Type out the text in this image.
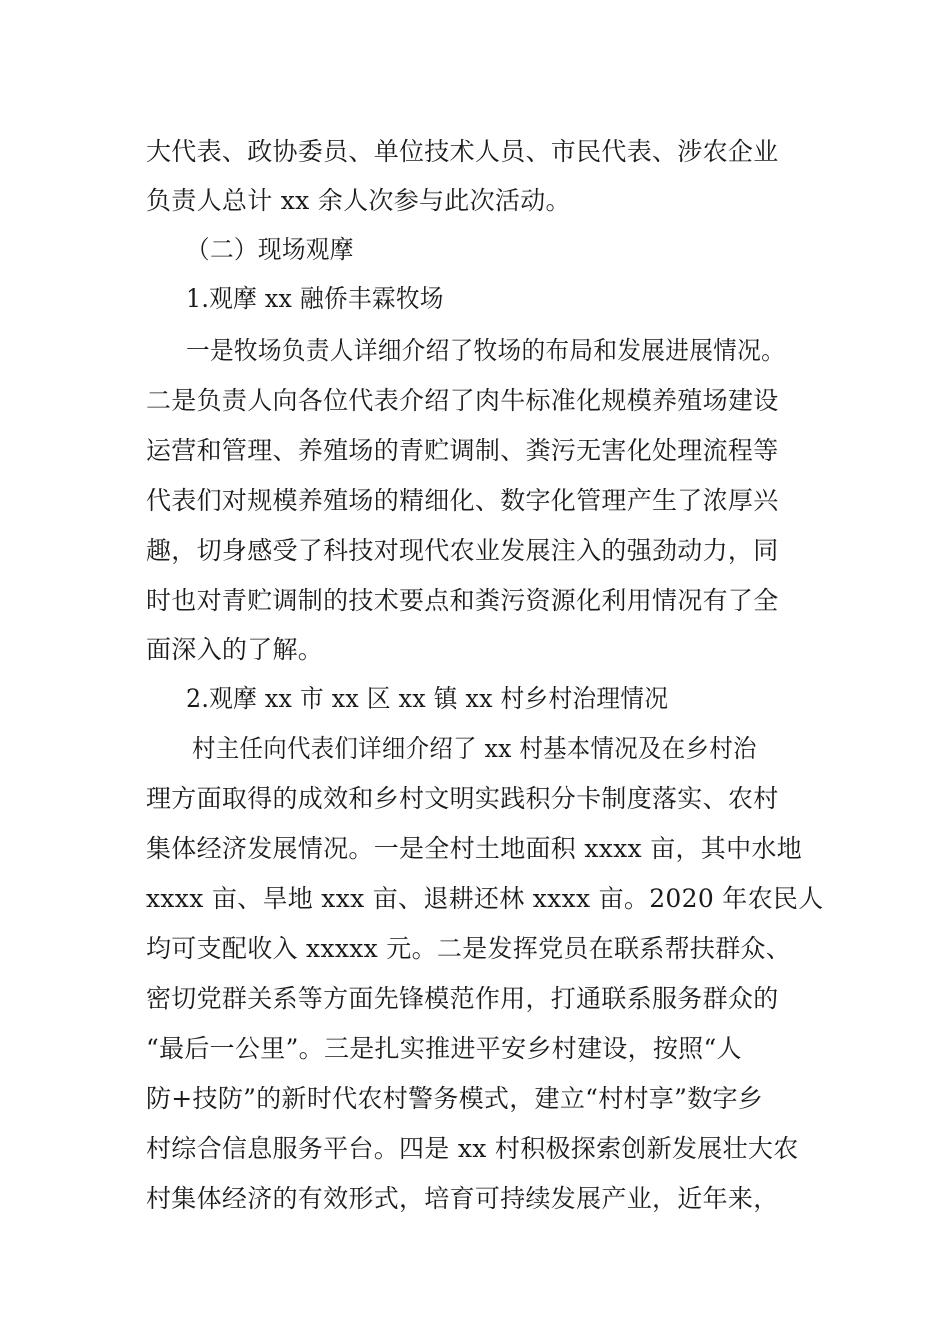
大代表、政协委员、单位技术人员、市民代表、涉农企业
负责人总计 xx 余人次参与此次活动。
（二）现场观摩
1.观摩 xx 融侨丰霖牧场
一是牧场负责人详细介绍了牧场的布局和发展进展情况。
二是负责人向各位代表介绍了肉牛标准化规模养殖场建设
运营和管理、养殖场的青贮调制、粪污无害化处理流程等
代表们对规模养殖场的精细化、数字化管理产生了浓厚兴
趣，切身感受了科技对现代农业发展注入的强劲动力，同
时也对青贮调制的技术要点和粪污资源化利用情况有了全
面深入的了解。
2.观摩 xx 市 xx 区 xx 镇 xx 村乡村治理情况
村主任向代表们详细介绍了 xx 村基本情况及在乡村治
理方面取得的成效和乡村文明实践积分卡制度落实、农村
集体经济发展情况。一是全村土地面积 xxxx 亩，其中水地
xxxx 亩、旱地 xxx 亩、退耕还林 xxxx 亩。2020 年农民人
均可支配收入 xxxxx 元。二是发挥党员在联系帮扶群众、
密切党群关系等方面先锋模范作用，打通联系服务群众的
“最后一公里”。三是扎实推进平安乡村建设，按照“人
防+技防”的新时代农村警务模式，建立“村村享”数字乡
村综合信息服务平台。四是 xx 村积极探索创新发展壮大农
村集体经济的有效形式，培育可持续发展产业，近年来，
